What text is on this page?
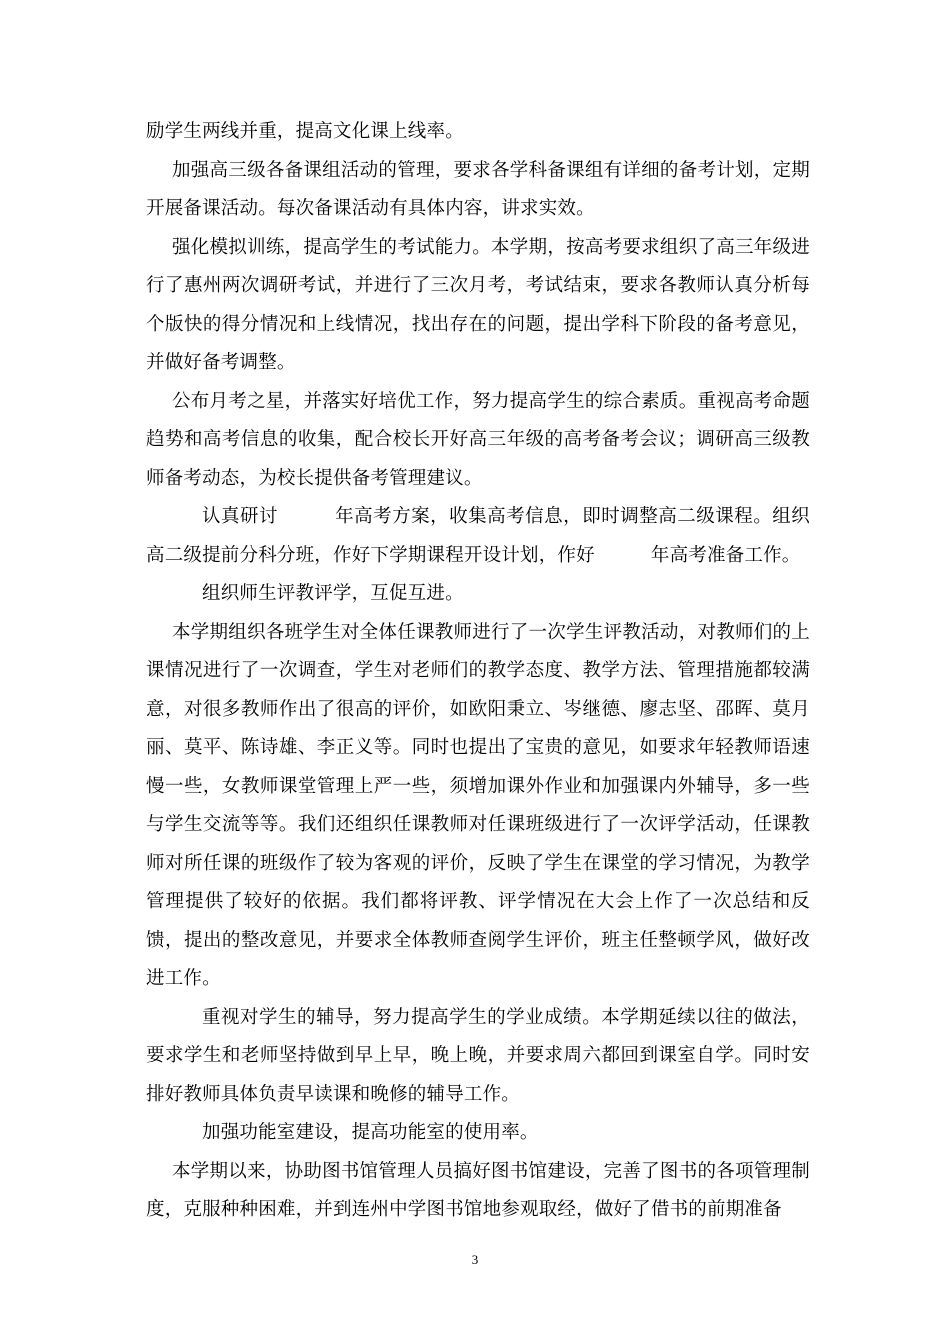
励学生两线并重，提高文化课上线率。

加强高三级各备课组活动的管理，要求各学科备课组有详细的备考计划，定期开展备课活动。每次备课活动有具体内容，讲求实效。

强化模拟训练，提高学生的考试能力。本学期，按高考要求组织了高三年级进行了惠州两次调研考试，并进行了三次月考，考试结束，要求各教师认真分析每个版快的得分情况和上线情况，找出存在的问题，提出学科下阶段的备考意见，并做好备考调整。

公布月考之星，并落实好培优工作，努力提高学生的综合素质。重视高考命题趋势和高考信息的收集，配合校长开好高三年级的高考备考会议；调研高三级教师备考动态，为校长提供备考管理建议。

认真研讨　　　年高考方案，收集高考信息，即时调整高二级课程。组织高二级提前分科分班，作好下学期课程开设计划，作好　　　年高考准备工作。

组织师生评教评学，互促互进。

本学期组织各班学生对全体任课教师进行了一次学生评教活动，对教师们的上课情况进行了一次调查，学生对老师们的教学态度、教学方法、管理措施都较满意，对很多教师作出了很高的评价，如欧阳秉立、岑继德、廖志坚、邵晖、莫月丽、莫平、陈诗雄、李正义等。同时也提出了宝贵的意见，如要求年轻教师语速慢一些，女教师课堂管理上严一些，须增加课外作业和加强课内外辅导，多一些与学生交流等等。我们还组织任课教师对任课班级进行了一次评学活动，任课教师对所任课的班级作了较为客观的评价，反映了学生在课堂的学习情况，为教学管理提供了较好的依据。我们都将评教、评学情况在大会上作了一次总结和反馈，提出的整改意见，并要求全体教师查阅学生评价，班主任整顿学风，做好改进工作。

重视对学生的辅导，努力提高学生的学业成绩。本学期延续以往的做法，要求学生和老师坚持做到早上早，晚上晚，并要求周六都回到课室自学。同时安排好教师具体负责早读课和晚修的辅导工作。

加强功能室建设，提高功能室的使用率。

本学期以来，协助图书馆管理人员搞好图书馆建设，完善了图书的各项管理制度，克服种种困难，并到连州中学图书馆地参观取经，做好了借书的前期准备

3
